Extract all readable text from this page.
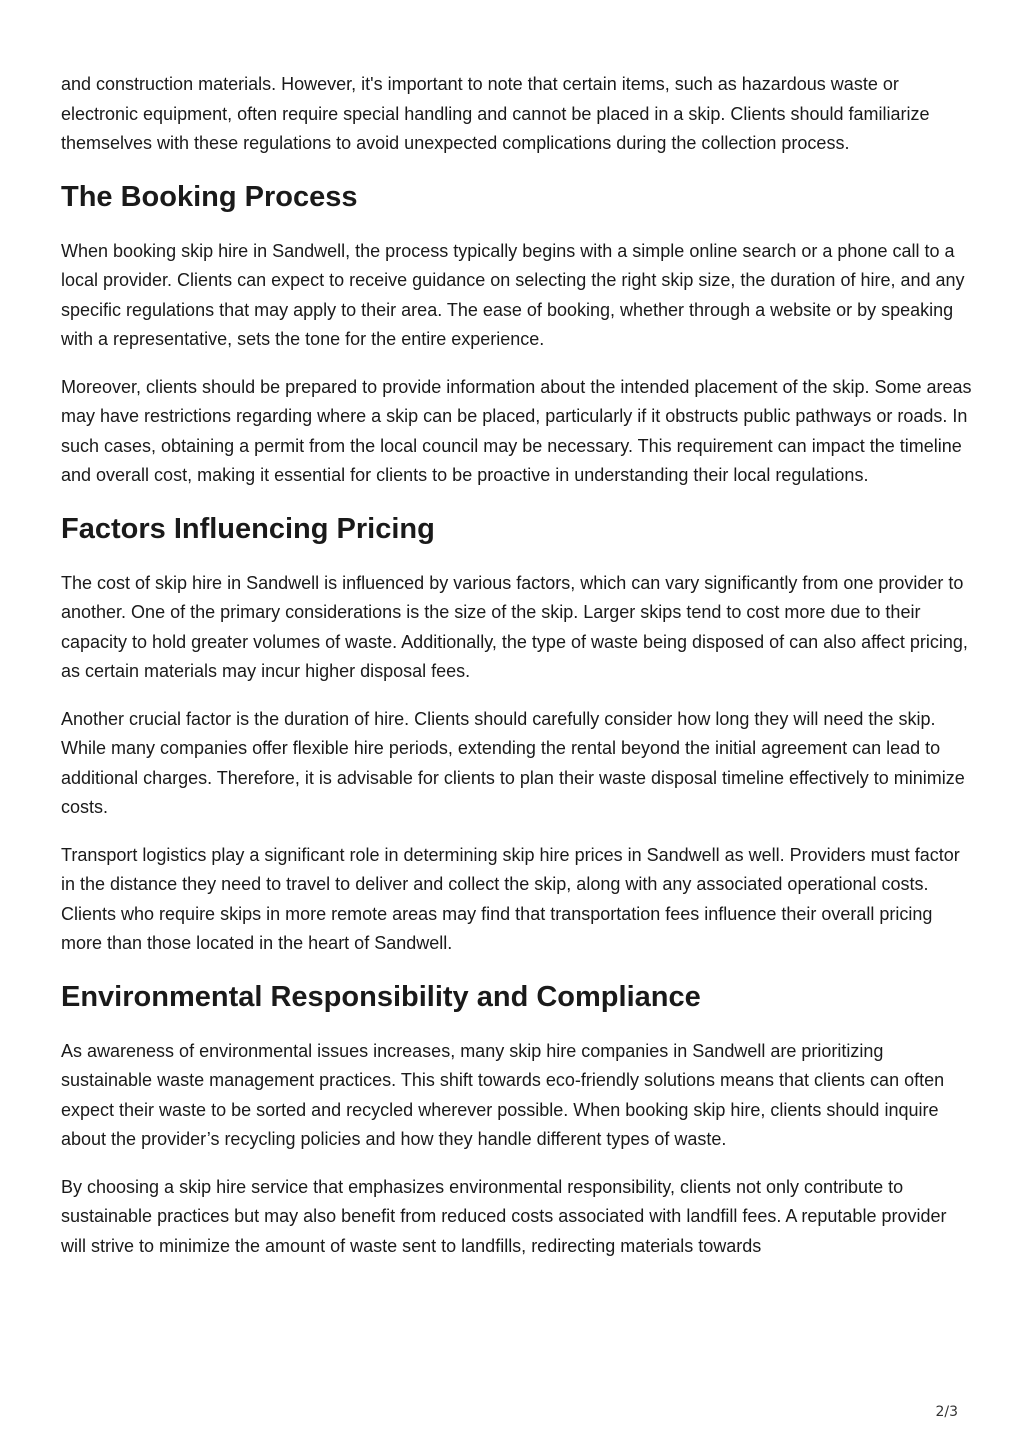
and construction materials. However, it's important to note that certain items, such as hazardous waste or electronic equipment, often require special handling and cannot be placed in a skip. Clients should familiarize themselves with these regulations to avoid unexpected complications during the collection process.

The Booking Process

When booking skip hire in Sandwell, the process typically begins with a simple online search or a phone call to a local provider. Clients can expect to receive guidance on selecting the right skip size, the duration of hire, and any specific regulations that may apply to their area. The ease of booking, whether through a website or by speaking with a representative, sets the tone for the entire experience.

Moreover, clients should be prepared to provide information about the intended placement of the skip. Some areas may have restrictions regarding where a skip can be placed, particularly if it obstructs public pathways or roads. In such cases, obtaining a permit from the local council may be necessary. This requirement can impact the timeline and overall cost, making it essential for clients to be proactive in understanding their local regulations.

Factors Influencing Pricing

The cost of skip hire in Sandwell is influenced by various factors, which can vary significantly from one provider to another. One of the primary considerations is the size of the skip. Larger skips tend to cost more due to their capacity to hold greater volumes of waste. Additionally, the type of waste being disposed of can also affect pricing, as certain materials may incur higher disposal fees.

Another crucial factor is the duration of hire. Clients should carefully consider how long they will need the skip. While many companies offer flexible hire periods, extending the rental beyond the initial agreement can lead to additional charges. Therefore, it is advisable for clients to plan their waste disposal timeline effectively to minimize costs.

Transport logistics play a significant role in determining skip hire prices in Sandwell as well. Providers must factor in the distance they need to travel to deliver and collect the skip, along with any associated operational costs. Clients who require skips in more remote areas may find that transportation fees influence their overall pricing more than those located in the heart of Sandwell.

Environmental Responsibility and Compliance

As awareness of environmental issues increases, many skip hire companies in Sandwell are prioritizing sustainable waste management practices. This shift towards eco-friendly solutions means that clients can often expect their waste to be sorted and recycled wherever possible. When booking skip hire, clients should inquire about the provider’s recycling policies and how they handle different types of waste.

By choosing a skip hire service that emphasizes environmental responsibility, clients not only contribute to sustainable practices but may also benefit from reduced costs associated with landfill fees. A reputable provider will strive to minimize the amount of waste sent to landfills, redirecting materials towards

2/3
